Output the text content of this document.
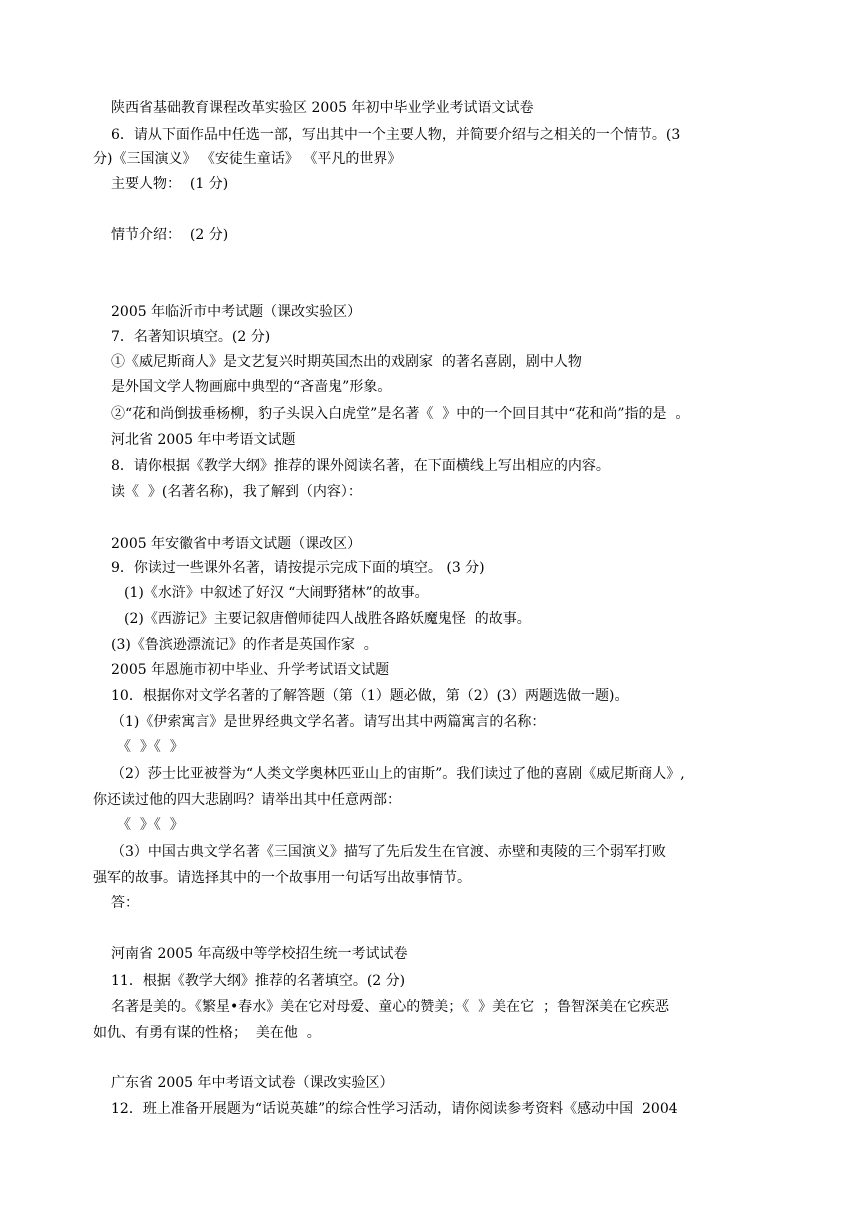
陕西省基础教育课程改革实验区 2005 年初中毕业学业考试语文试卷
6．请从下面作品中任选一部，写出其中一个主要人物，并简要介绍与之相关的一个情节。(3
分)《三国演义》 《安徒生童话》 《平凡的世界》
主要人物：  (1 分)
情节介绍：  (2 分)
2005 年临沂市中考试题（课改实验区）
7．名著知识填空。(2 分)
①《威尼斯商人》是文艺复兴时期英国杰出的戏剧家  的著名喜剧，剧中人物
是外国文学人物画廊中典型的“吝啬鬼”形象。
②“花和尚倒拔垂杨柳，豹子头误入白虎堂”是名著《  》中的一个回目其中“花和尚”指的是  。
河北省 2005 年中考语文试题
8．请你根据《教学大纲》推荐的课外阅读名著，在下面横线上写出相应的内容。
读《  》(名著名称)，我了解到（内容）：
2005 年安徽省中考语文试题（课改区）
9．你读过一些课外名著，请按提示完成下面的填空。 (3 分)
(1)《水浒》中叙述了好汉 “大闹野猪林”的故事。
(2)《西游记》主要记叙唐僧师徒四人战胜各路妖魔鬼怪  的故事。
(3)《鲁滨逊漂流记》的作者是英国作家  。
2005 年恩施市初中毕业、升学考试语文试题
10．根据你对文学名著的了解答题（第（1）题必做，第（2）(3）两题选做一题)。
（1)《伊索寓言》是世界经典文学名著。请写出其中两篇寓言的名称：
《  》《  》
（2）莎士比亚被誉为“人类文学奥林匹亚山上的宙斯”。我们读过了他的喜剧《威尼斯商人》,
你还读过他的四大悲剧吗？请举出其中任意两部：
《  》《  》
（3）中国古典文学名著《三国演义》描写了先后发生在官渡、赤壁和夷陵的三个弱军打败
强军的故事。请选择其中的一个故事用一句话写出故事情节。
答：
河南省 2005 年高级中等学校招生统一考试试卷
11．根据《教学大纲》推荐的名著填空。(2 分)
名著是美的。《繁星•春水》美在它对母爱、童心的赞美；《  》美在它  ；鲁智深美在它疾恶
如仇、有勇有谋的性格；  美在他  。
广东省 2005 年中考语文试卷（课改实验区）
12．班上准备开展题为“话说英雄”的综合性学习活动，请你阅读参考资料《感动中国  2004
